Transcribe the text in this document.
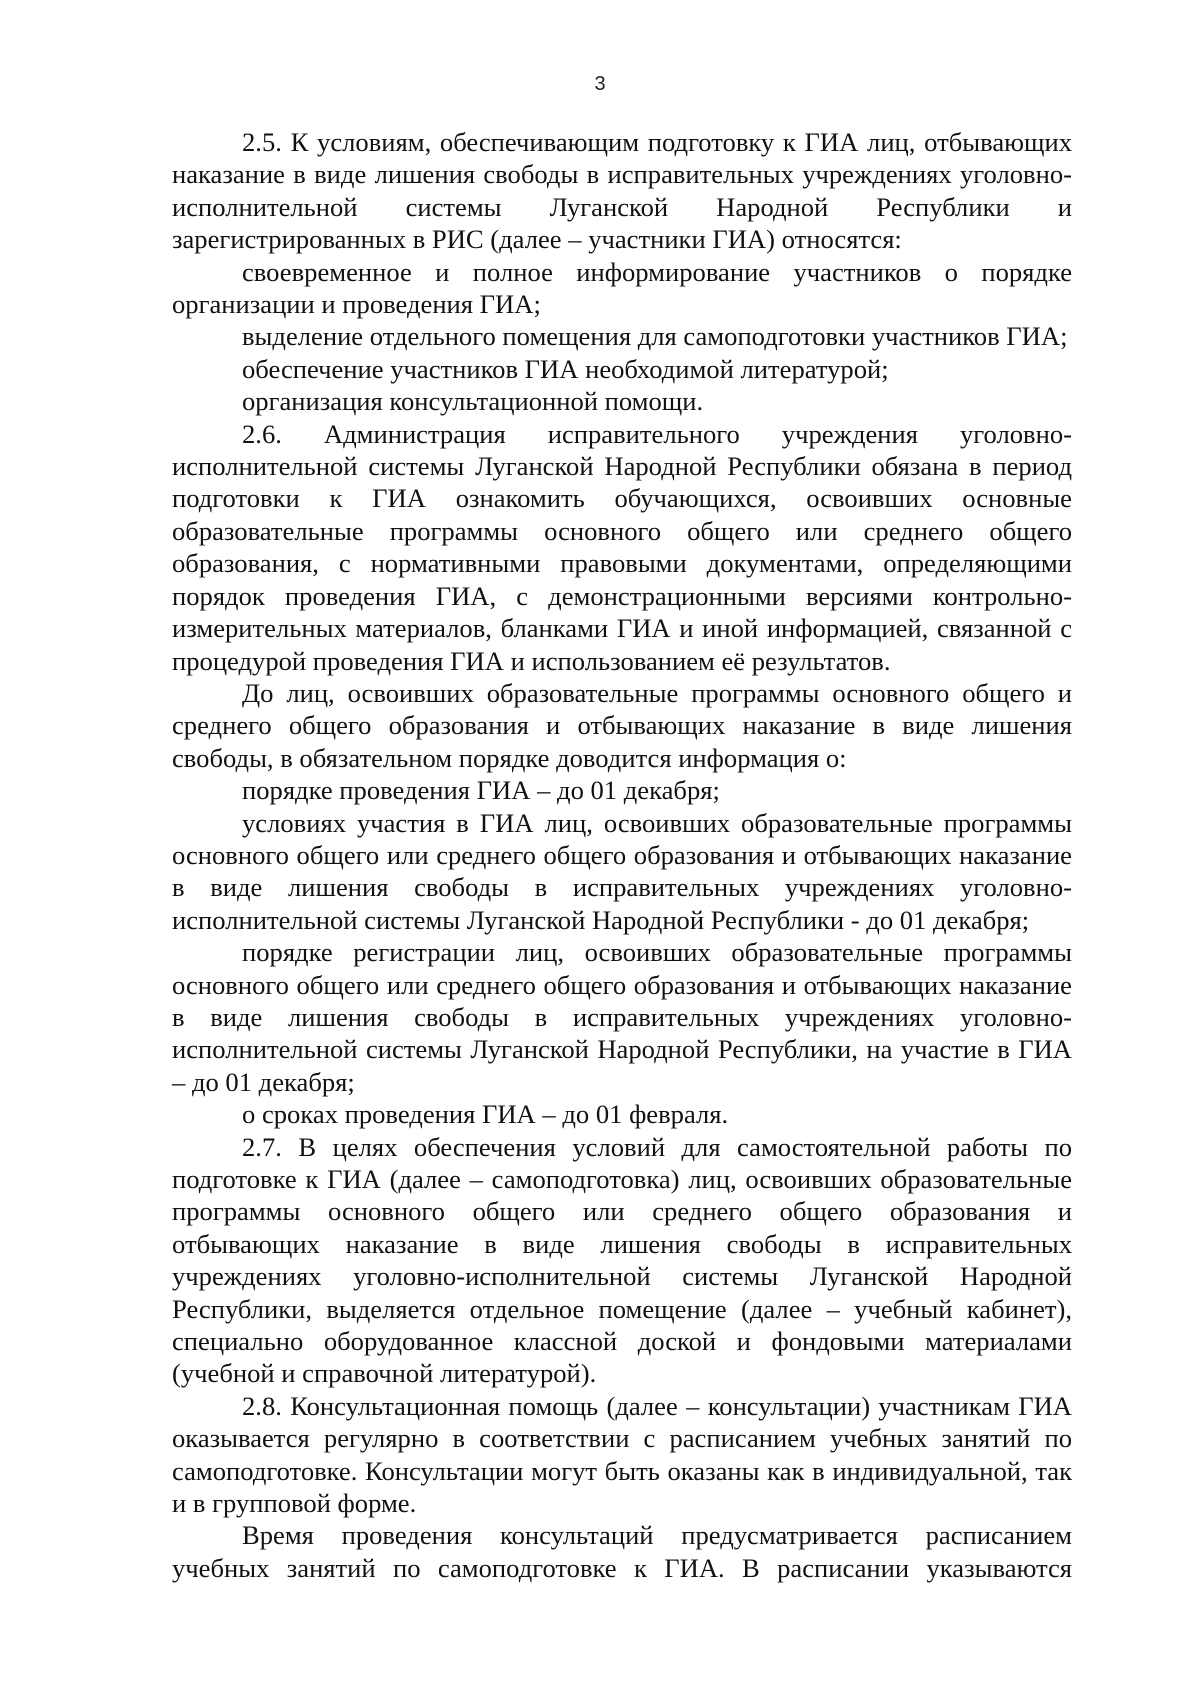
3

2.5. К условиям, обеспечивающим подготовку к ГИА лиц, отбывающих наказание в виде лишения свободы в исправительных учреждениях уголовно-исполнительной системы Луганской Народной Республики и зарегистрированных в РИС (далее – участники ГИА) относятся:

своевременное и полное информирование участников о порядке организации и проведения ГИА;

выделение отдельного помещения для самоподготовки участников ГИА;

обеспечение участников ГИА необходимой литературой;

организация консультационной помощи.

2.6. Администрация исправительного учреждения уголовно-исполнительной системы Луганской Народной Республики обязана в период подготовки к ГИА ознакомить обучающихся, освоивших основные образовательные программы основного общего или среднего общего образования, с нормативными правовыми документами, определяющими порядок проведения ГИА, с демонстрационными версиями контрольно-измерительных материалов, бланками ГИА и иной информацией, связанной с процедурой проведения ГИА и использованием её результатов.

До лиц, освоивших образовательные программы основного общего и среднего общего образования и отбывающих наказание в виде лишения свободы, в обязательном порядке доводится информация о:

порядке проведения ГИА – до 01 декабря;

условиях участия в ГИА лиц, освоивших образовательные программы основного общего или среднего общего образования и отбывающих наказание в виде лишения свободы в исправительных учреждениях уголовно-исполнительной системы Луганской Народной Республики - до 01 декабря;

порядке регистрации лиц, освоивших образовательные программы основного общего или среднего общего образования и отбывающих наказание в виде лишения свободы в исправительных учреждениях уголовно-исполнительной системы Луганской Народной Республики, на участие в ГИА – до 01 декабря;

о сроках проведения ГИА – до 01 февраля.

2.7. В целях обеспечения условий для самостоятельной работы по подготовке к ГИА (далее – самоподготовка) лиц, освоивших образовательные программы основного общего или среднего общего образования и отбывающих наказание в виде лишения свободы в исправительных учреждениях уголовно-исполнительной системы Луганской Народной Республики, выделяется отдельное помещение (далее – учебный кабинет), специально оборудованное классной доской и фондовыми материалами (учебной и справочной литературой).

2.8. Консультационная помощь (далее – консультации) участникам ГИА оказывается регулярно в соответствии с расписанием учебных занятий по самоподготовке. Консультации могут быть оказаны как в индивидуальной, так и в групповой форме.

Время проведения консультаций предусматривается расписанием учебных занятий по самоподготовке к ГИА. В расписании указываются
